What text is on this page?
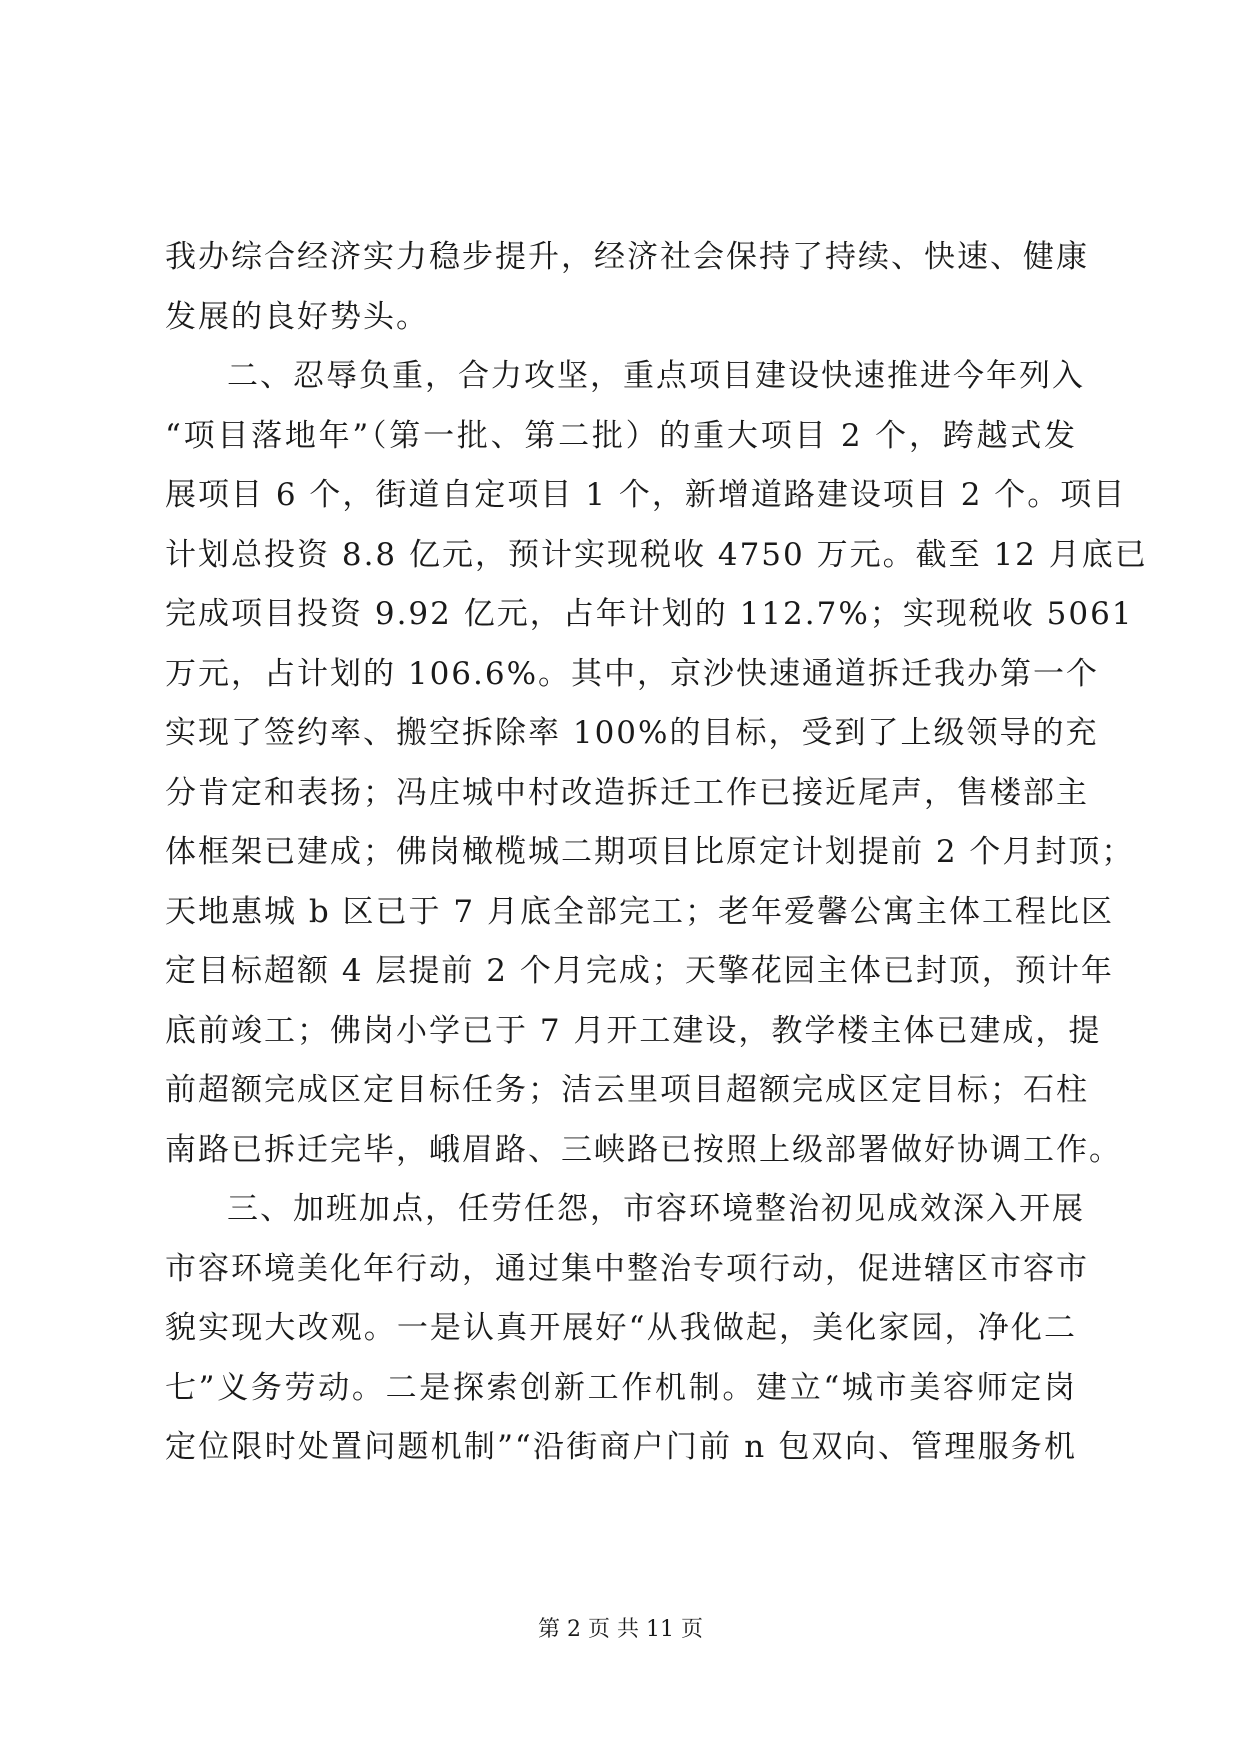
我办综合经济实力稳步提升，经济社会保持了持续、快速、健康
发展的良好势头。
二、忍辱负重，合力攻坚，重点项目建设快速推进今年列入
“项目落地年”（第一批、第二批）的重大项目 2 个，跨越式发
展项目 6 个，街道自定项目 1 个，新增道路建设项目 2 个。项目
计划总投资 8.8 亿元，预计实现税收 4750 万元。截至 12 月底已
完成项目投资 9.92 亿元，占年计划的 112.7%；实现税收 5061
万元，占计划的 106.6%。其中，京沙快速通道拆迁我办第一个
实现了签约率、搬空拆除率 100%的目标，受到了上级领导的充
分肯定和表扬；冯庄城中村改造拆迁工作已接近尾声，售楼部主
体框架已建成；佛岗橄榄城二期项目比原定计划提前 2 个月封顶；
天地惠城 b 区已于 7 月底全部完工；老年爱馨公寓主体工程比区
定目标超额 4 层提前 2 个月完成；天擎花园主体已封顶，预计年
底前竣工；佛岗小学已于 7 月开工建设，教学楼主体已建成，提
前超额完成区定目标任务；洁云里项目超额完成区定目标；石柱
南路已拆迁完毕，峨眉路、三峡路已按照上级部署做好协调工作。
三、加班加点，任劳任怨，市容环境整治初见成效深入开展
市容环境美化年行动，通过集中整治专项行动，促进辖区市容市
貌实现大改观。一是认真开展好“从我做起，美化家园，净化二
七”义务劳动。二是探索创新工作机制。建立“城市美容师定岗
定位限时处置问题机制”“沿街商户门前 n 包双向、管理服务机
第 2 页 共 11 页
